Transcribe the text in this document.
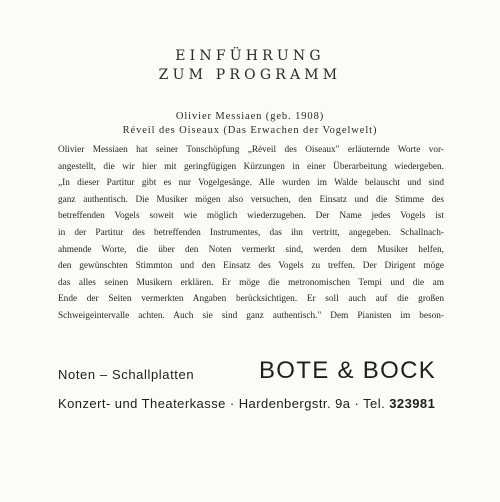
EINFÜHRUNG
ZUM PROGRAMM
Olivier Messiaen (geb. 1908)
Réveil des Oiseaux (Das Erwachen der Vogelwelt)
Olivier Messiaen hat seiner Tonschöpfung „Réveil des Oiseaux" erläuternde Worte vor-
angestellt, die wir hier mit geringfügigen Kürzungen in einer Überarbeitung wiedergeben.
„In dieser Partitur gibt es nur Vogelgesänge. Alle wurden im Walde belauscht und sind
ganz authentisch. Die Musiker mögen also versuchen, den Einsatz und die Stimme des
betreffenden Vogels soweit wie möglich wiederzugeben. Der Name jedes Vogels ist
in der Partitur des betreffenden Instrumentes, das ihn vertritt, angegeben. Schallnach-
ahmende Worte, die über den Noten vermerkt sind, werden dem Musiker helfen,
den gewünschten Stimmton und den Einsatz des Vogels zu treffen. Der Dirigent möge
das alles seinen Musikern erklären. Er möge die metronomischen Tempi und die am
Ende der Seiten vermerkten Angaben berücksichtigen. Er soll auch auf die großen
Schweigeintervalle achten. Auch sie sind ganz authentisch." Dem Pianisten im beson-
Noten – Schallplatten	BOTE & BOCK
Konzert- und Theaterkasse · Hardenbergstr. 9a · Tel. 323981
